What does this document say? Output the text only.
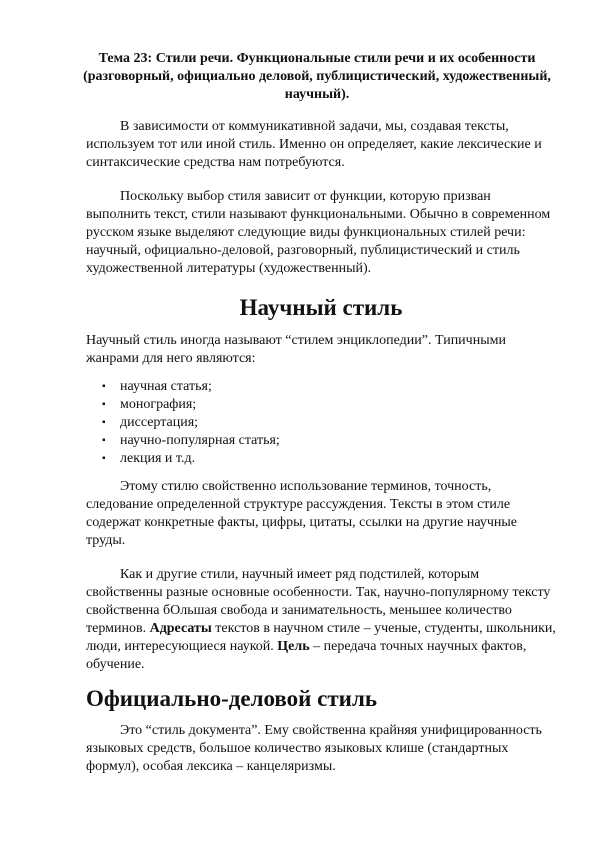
Тема 23: Стили речи. Функциональные стили речи и их особенности (разговорный, официально деловой, публицистический, художественный, научный).

В зависимости от коммуникативной задачи, мы, создавая тексты, используем тот или иной стиль. Именно он определяет, какие лексические и синтаксические средства нам потребуются.

Поскольку выбор стиля зависит от функции, которую призван выполнить текст, стили называют функциональными. Обычно в современном русском языке выделяют следующие виды функциональных стилей речи: научный, официально-деловой, разговорный, публицистический и стиль художественной литературы (художественный).

Научный стиль

Научный стиль иногда называют “стилем энциклопедии”. Типичными жанрами для него являются:

▪ научная статья;
▪ монография;
▪ диссертация;
▪ научно-популярная статья;
▪ лекция и т.д.

Этому стилю свойственно использование терминов, точность, следование определенной структуре рассуждения. Тексты в этом стиле содержат конкретные факты, цифры, цитаты, ссылки на другие научные труды.

Как и другие стили, научный имеет ряд подстилей, которым свойственны разные основные особенности. Так, научно-популярному тексту свойственна бОльшая свобода и занимательность, меньшее количество терминов. Адресаты текстов в научном стиле – ученые, студенты, школьники, люди, интересующиеся наукой. Цель – передача точных научных фактов, обучение.

Официально-деловой стиль

Это “стиль документа”. Ему свойственна крайняя унифицированность языковых средств, большое количество языковых клише (стандартных формул), особая лексика – канцеляризмы.
